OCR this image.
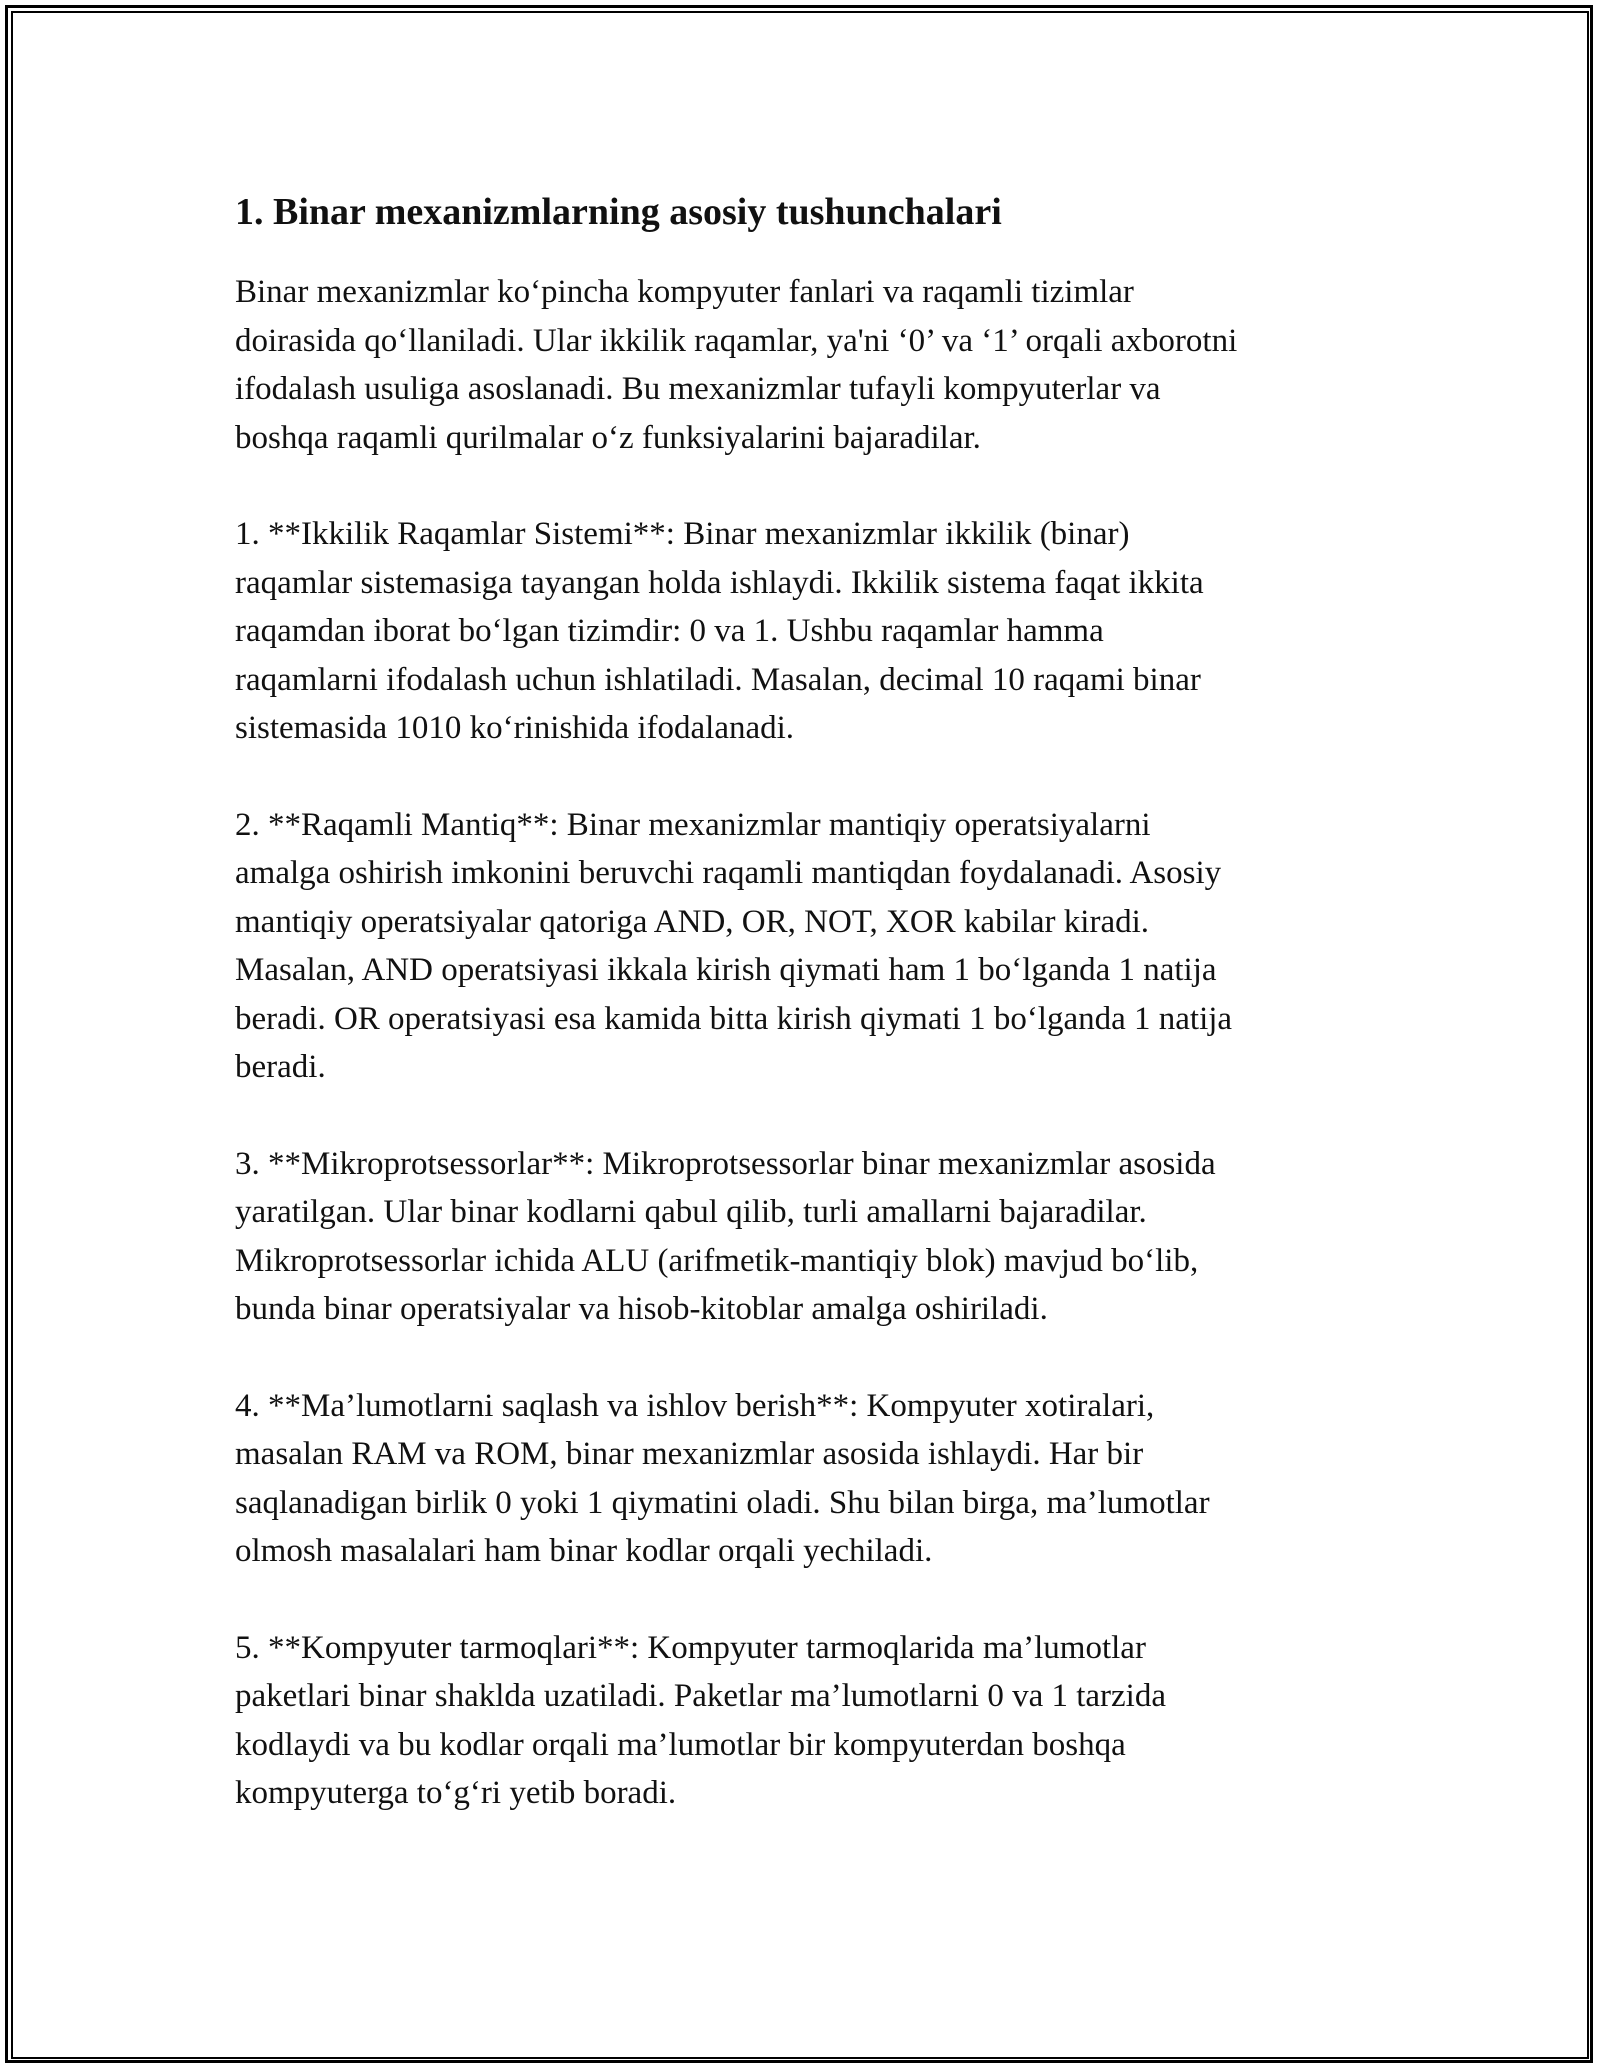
1. Binar mexanizmlarning asosiy tushunchalari

Binar mexanizmlar ko‘pincha kompyuter fanlari va raqamli tizimlar
doirasida qo‘llaniladi. Ular ikkilik raqamlar, ya'ni ‘0’ va ‘1’ orqali axborotni
ifodalash usuliga asoslanadi. Bu mexanizmlar tufayli kompyuterlar va
boshqa raqamli qurilmalar o‘z funksiyalarini bajaradilar.

1. **Ikkilik Raqamlar Sistemi**: Binar mexanizmlar ikkilik (binar)
raqamlar sistemasiga tayangan holda ishlaydi. Ikkilik sistema faqat ikkita
raqamdan iborat bo‘lgan tizimdir: 0 va 1. Ushbu raqamlar hamma
raqamlarni ifodalash uchun ishlatiladi. Masalan, decimal 10 raqami binar
sistemasida 1010 ko‘rinishida ifodalanadi.

2. **Raqamli Mantiq**: Binar mexanizmlar mantiqiy operatsiyalarni
amalga oshirish imkonini beruvchi raqamli mantiqdan foydalanadi. Asosiy
mantiqiy operatsiyalar qatoriga AND, OR, NOT, XOR kabilar kiradi.
Masalan, AND operatsiyasi ikkala kirish qiymati ham 1 bo‘lganda 1 natija
beradi. OR operatsiyasi esa kamida bitta kirish qiymati 1 bo‘lganda 1 natija
beradi.

3. **Mikroprotsessorlar**: Mikroprotsessorlar binar mexanizmlar asosida
yaratilgan. Ular binar kodlarni qabul qilib, turli amallarni bajaradilar.
Mikroprotsessorlar ichida ALU (arifmetik-mantiqiy blok) mavjud bo‘lib,
bunda binar operatsiyalar va hisob-kitoblar amalga oshiriladi.

4. **Ma’lumotlarni saqlash va ishlov berish**: Kompyuter xotiralari,
masalan RAM va ROM, binar mexanizmlar asosida ishlaydi. Har bir
saqlanadigan birlik 0 yoki 1 qiymatini oladi. Shu bilan birga, ma’lumotlar
olmosh masalalari ham binar kodlar orqali yechiladi.

5. **Kompyuter tarmoqlari**: Kompyuter tarmoqlarida ma’lumotlar
paketlari binar shaklda uzatiladi. Paketlar ma’lumotlarni 0 va 1 tarzida
kodlaydi va bu kodlar orqali ma’lumotlar bir kompyuterdan boshqa
kompyuterga to‘g‘ri yetib boradi.
